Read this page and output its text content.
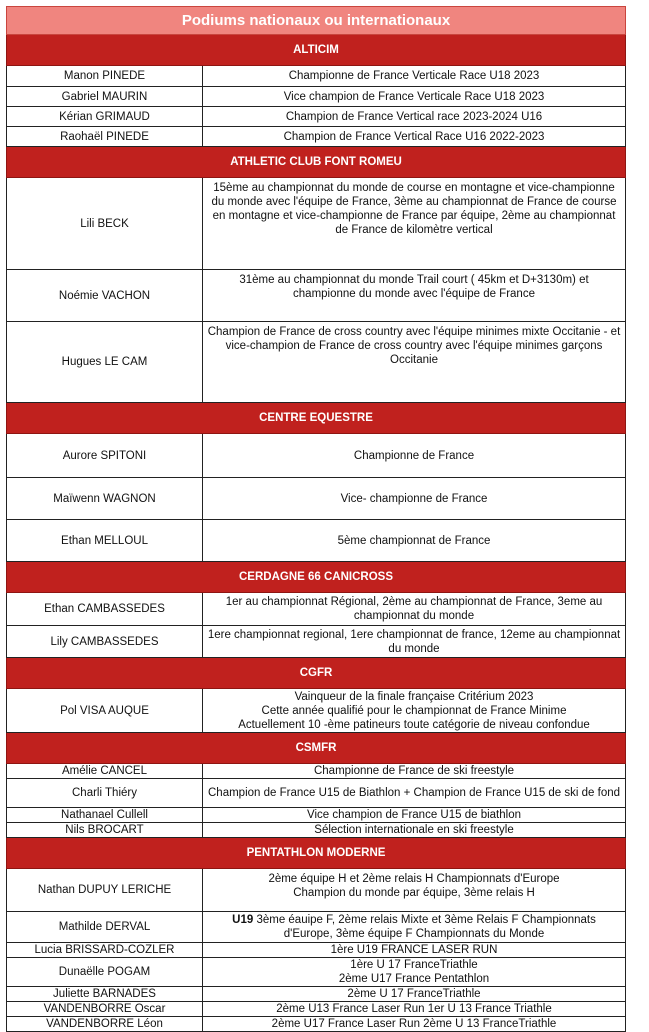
Podiums nationaux ou internationaux	
ALTICIM	
Manon PINEDE	Championne de France Verticale Race U18 2023
Gabriel MAURIN	Vice champion de France Verticale Race U18 2023
Kérian GRIMAUD	Champion de France Vertical race 2023-2024 U16
Raohaël PINEDE	Champion de France Vertical Race U16 2022-2023
ATHLETIC CLUB FONT ROMEU	
Lili BECK	15ème au championnat du monde de course en montagne et vice-championne du monde avec l'équipe de France, 3ème au championnat de France de course en montagne et vice-championne de France par équipe, 2ème au championnat de France de kilomètre vertical
Noémie VACHON	31ème au championnat du monde Trail court ( 45km et D+3130m) et championne du monde avec l'équipe de France
Hugues LE CAM	Champion de France de cross country avec l'équipe minimes mixte Occitanie - et vice-champion de France de cross country avec l'équipe minimes garçons Occitanie
CENTRE EQUESTRE	
Aurore SPITONI	Championne de France
Maïwenn WAGNON	Vice- championne de France
Ethan MELLOUL	5ème championnat de France
CERDAGNE 66 CANICROSS	
Ethan CAMBASSEDES	1er au championnat Régional, 2ème au championnat de France, 3eme au championnat du monde
Lily CAMBASSEDES	1ere championnat regional, 1ere championnat de france, 12eme au championnat du monde
CGFR	
Pol VISA AUQUE	Vainqueur de la finale française Critérium 2023
Cette année qualifié pour le championnat de France Minime
Actuellement 10 -ème patineurs toute catégorie de niveau confondue

CSMFR	
Amélie CANCEL	Championne de France de ski freestyle
Charli Thiéry	Champion de France U15 de Biathlon + Champion de France U15 de ski de fond
Nathanael Cullell	Vice champion de France U15 de biathlon
Nils BROCART	Sélection internationale en ski freestyle
PENTATHLON MODERNE	
Nathan DUPUY LERICHE	2ème équipe H et 2ème relais H Championnats d'Europe
Champion du monde par équipe, 3ème relais H

Mathilde DERVAL	U19 3ème éauipe F, 2ème relais Mixte et 3ème Relais F Championnats d'Europe, 3ème équipe F Championnats du Monde
Lucia BRISSARD-COZLER	1ère U19 FRANCE LASER RUN
Dunaëlle POGAM	1ère U 17 FranceTriathle
2ème U17 France Pentathlon

Juliette BARNADES	2ème U 17 FranceTriathle
VANDENBORRE Oscar	2ème U13 France Laser Run 1er U 13 France Triathle
VANDENBORRE Léon	2ème U17 France Laser Run 2ème U 13 FranceTriathle
